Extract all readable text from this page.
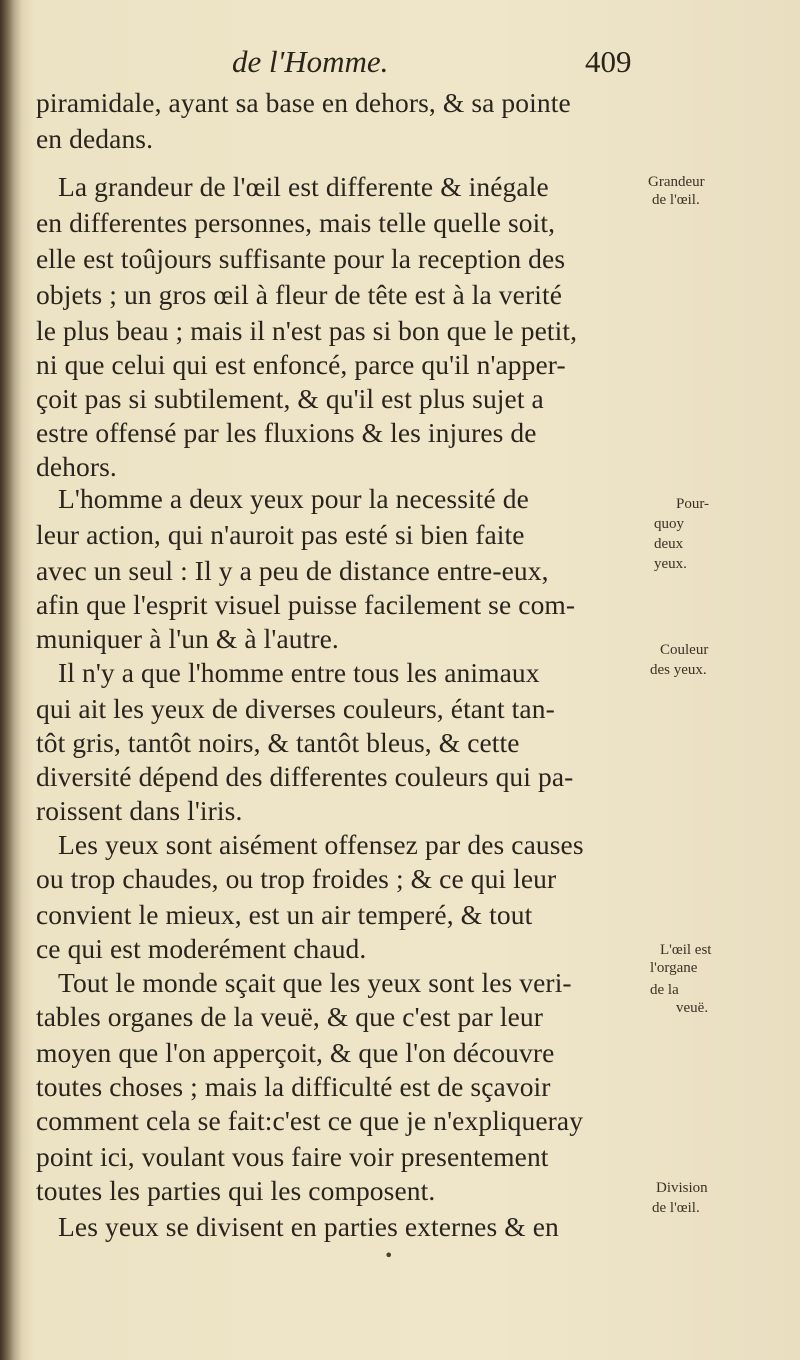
de l'Homme.	409
piramidale, ayant sa base en dehors, & sa pointe
en dedans.
La grandeur de l'œil est differente & inégale
en differentes personnes, mais telle quelle soit,
elle est toûjours suffisante pour la reception des
objets ; un gros œil à fleur de tête est à la verité
le plus beau ; mais il n'est pas si bon que le petit,
ni que celui qui est enfoncé, parce qu'il n'apper-
çoit pas si subtilement, & qu'il est plus sujet a
estre offensé par les fluxions & les injures de
dehors.
L'homme a deux yeux pour la necessité de
leur action, qui n'auroit pas esté si bien faite
avec un seul : Il y a peu de distance entre-eux,
afin que l'esprit visuel puisse facilement se com-
muniquer à l'un & à l'autre.
Il n'y a que l'homme entre tous les animaux
qui ait les yeux de diverses couleurs, étant tan-
tôt gris, tantôt noirs, & tantôt bleus, & cette
diversité dépend des differentes couleurs qui pa-
roissent dans l'iris.
Les yeux sont aisément offensez par des causes
ou trop chaudes, ou trop froides ; & ce qui leur
convient le mieux, est un air temperé, & tout
ce qui est moderément chaud.
Tout le monde sçait que les yeux sont les veri-
tables organes de la veuë, & que c'est par leur
moyen que l'on apperçoit, & que l'on découvre
toutes choses ; mais la difficulté est de sçavoir
comment cela se fait:c'est ce que je n'expliqueray
point ici, voulant vous faire voir presentement
toutes les parties qui les composent.
Les yeux se divisent en parties externes & en
Grandeur
de l'œil.
Pour-
quoy
deux
yeux.
Couleur
des yeux.
L'œil est
l'organe
de la
veuë.
Division
de l'œil.
•
